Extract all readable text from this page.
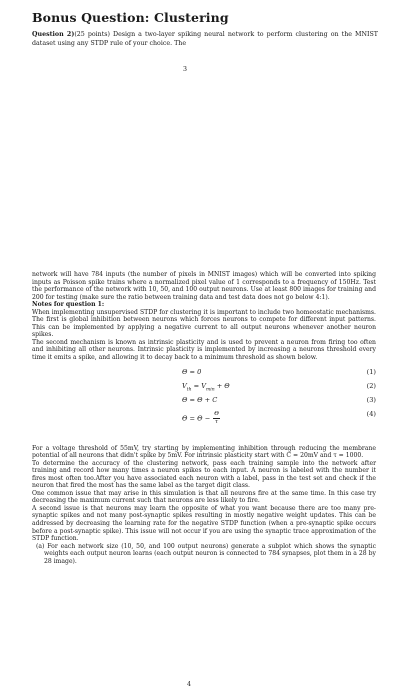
Bonus Question: Clustering
Question 2)(25 points) Design a two-layer spiking neural network to perform clustering on the MNIST dataset using any STDP rule of your choice. The
3

network will have 784 inputs (the number of pixels in MNIST images) which will be converted into spiking inputs as Poisson spike trains where a normalized pixel value of 1 corresponds to a frequency of 150Hz. Test the performance of the network with 10, 50, and 100 output neurons. Use at least 800 images for training and 200 for testing (make sure the ratio between training data and test data does not go below 4:1).

Notes for question 1:

When implementing unsupervised STDP for clustering it is important to include two homeostatic mechanisms. The first is global inhibition between neurons which forces neurons to compete for different input patterns. This can be implemented by applying a negative current to all output neurons whenever another neuron spikes.

The second mechanism is known as intrinsic plasticity and is used to prevent a neuron from firing too often and inhibiting all other neurons. Intrinsic plasticity is implemented by increasing a neurons threshold every time it emits a spike, and allowing it to decay back to a minimum threshold as shown below.

Θ = 0	(1)
$V_{th} = V_{min} + \Theta$	(2)
Θ = Θ + C	(3)
$\Theta = \Theta - \frac{\Theta}{\tau}$	(4)

For a voltage threshold of 55mV, try starting by implementing inhibition through reducing the membrane potential of all neurons that didn't spike by 5mV. For intrinsic plasticity start with C = 20mV and τ = 1000.

To determine the accuracy of the clustering network, pass each training sample into the network after training and record how many times a neuron spikes to each input. A neuron is labeled with the number it fires most often too.After you have associated each neuron with a label, pass in the test set and check if the neuron that fired the most has the same label as the target digit class.

One common issue that may arise in this simulation is that all neurons fire at the same time. In this case try decreasing the maximum current such that neurons are less likely to fire.

A second issue is that neurons may learn the opposite of what you want because there are too many pre-synaptic spikes and not many post-synaptic spikes resulting in mostly negative weight updates. This can be addressed by decreasing the learning rate for the negative STDP function (when a pre-synaptic spike occurs before a post-synaptic spike). This issue will not occur if you are using the synaptic trace approximation of the STDP function.

(a) For each network size (10, 50, and 100 output neurons) generate a subplot which shows the synaptic weights each output neuron learns (each output neuron is connected to 784 synapses, plot them in a 28 by 28 image).

4
